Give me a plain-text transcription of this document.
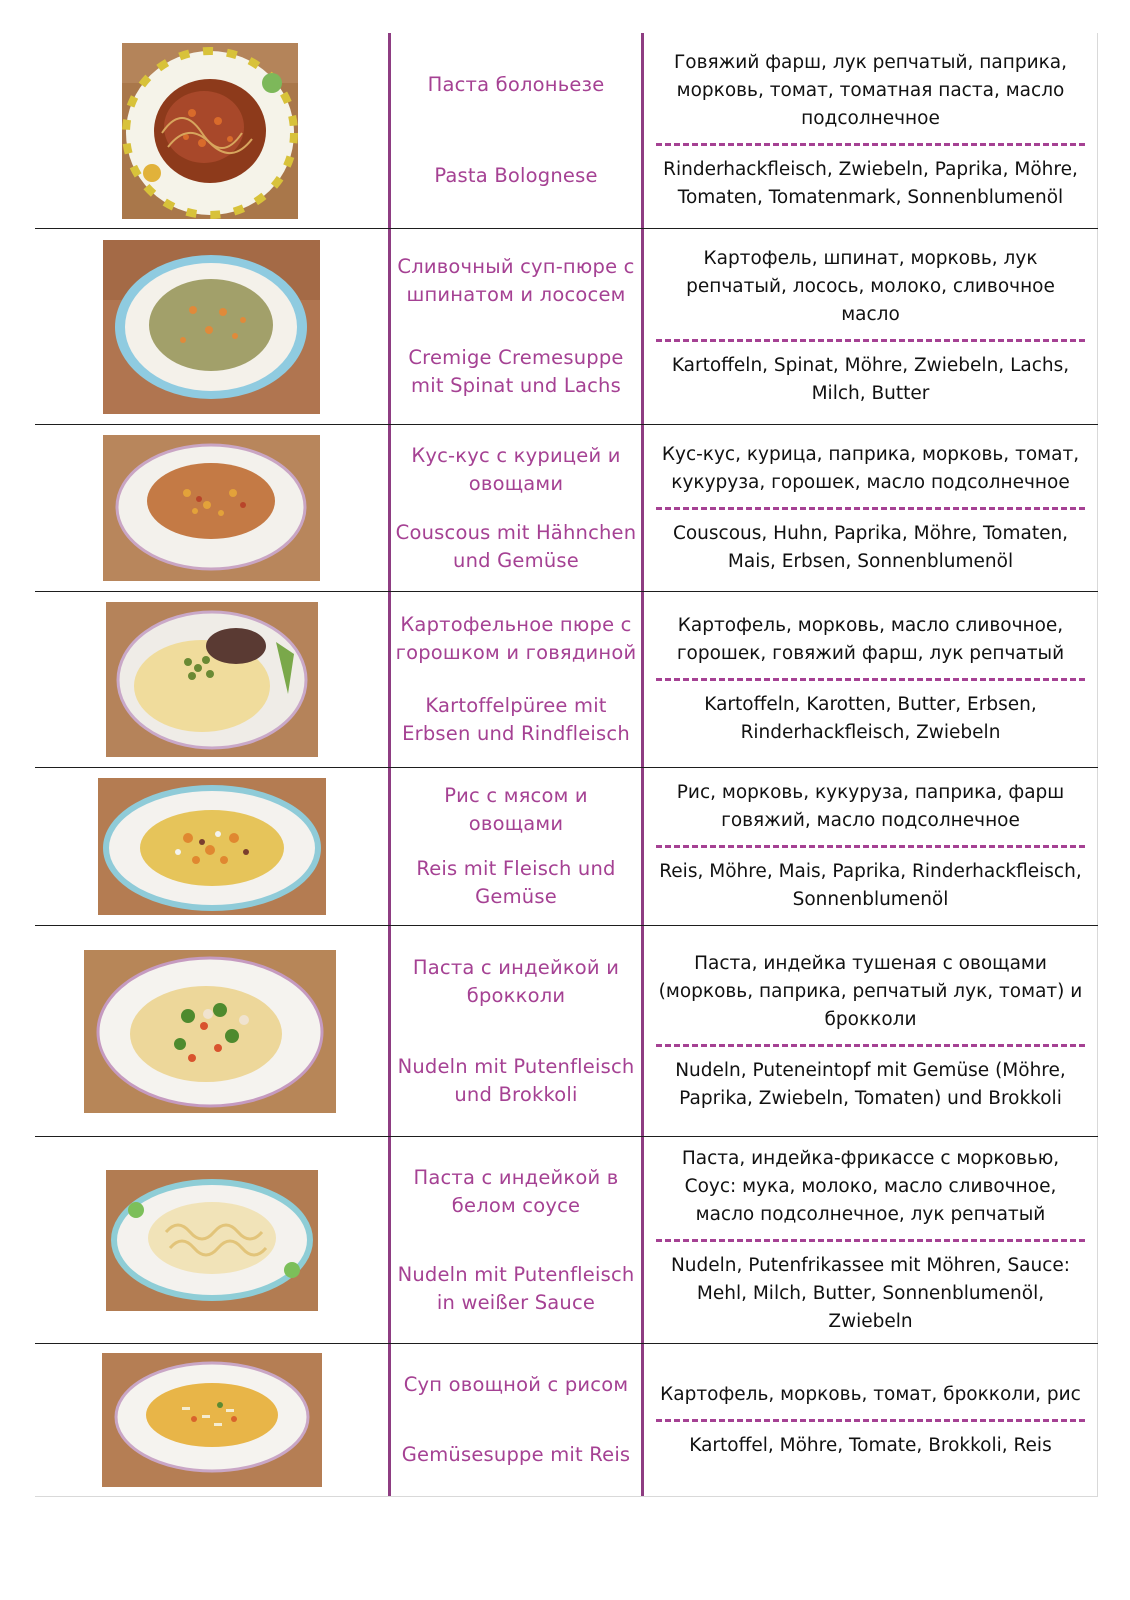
Паста болоньезе
Pasta Bolognese
Говяжий фарш, лук репчатый, паприка, морковь, томат, томатная паста, масло подсолнечное
Rinderhackfleisch, Zwiebeln, Paprika, Möhre, Tomaten, Tomatenmark, Sonnenblumenöl
Сливочный суп-пюре с шпинатом и лососем
Cremige Cremesuppe mit Spinat und Lachs
Картофель, шпинат, морковь, лук репчатый, лосось, молоко, сливочное масло
Kartoffeln, Spinat, Möhre, Zwiebeln, Lachs, Milch, Butter
Кус-кус с курицей и овощами
Couscous mit Hähnchen und Gemüse
Кус-кус, курица, паприка, морковь, томат, кукуруза, горошек, масло подсолнечное
Couscous, Huhn, Paprika, Möhre, Tomaten, Mais, Erbsen, Sonnenblumenöl
Картофельное пюре с горошком и говядиной
Kartoffelpüree mit Erbsen und Rindfleisch
Картофель, морковь, масло сливочное, горошек, говяжий фарш, лук репчатый
Kartoffeln, Karotten, Butter, Erbsen, Rinderhackfleisch, Zwiebeln
Рис с мясом и овощами
Reis mit Fleisch und Gemüse
Рис, морковь, кукуруза, паприка, фарш говяжий, масло подсолнечное
Reis, Möhre, Mais, Paprika, Rinderhackfleisch, Sonnenblumenöl
Паста с индейкой и брокколи
Nudeln mit Putenfleisch und Brokkoli
Паста, индейка тушеная с овощами (морковь, паприка, репчатый лук, томат) и брокколи
Nudeln, Puteneintopf mit Gemüse (Möhre, Paprika, Zwiebeln, Tomaten) und Brokkoli
Паста с индейкой в белом соусе
Nudeln mit Putenfleisch in weißer Sauce
Паста, индейка-фрикассе с морковью, Соус: мука, молоко, масло сливочное, масло подсолнечное, лук репчатый
Nudeln, Putenfrikassee mit Möhren, Sauce: Mehl, Milch, Butter, Sonnenblumenöl, Zwiebeln
Суп овощной с рисом
Gemüsesuppe mit Reis
Картофель, морковь, томат, брокколи, рис
Kartoffel, Möhre, Tomate, Brokkoli, Reis
